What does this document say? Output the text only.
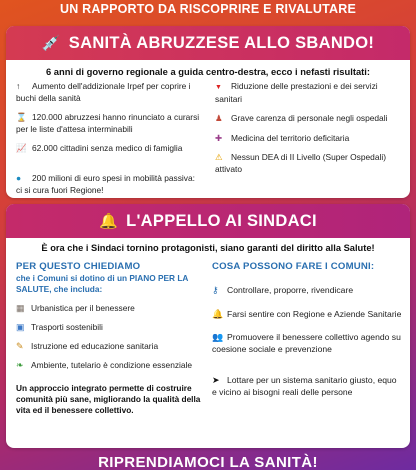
UN RAPPORTO DA RISCOPRIRE E RIVALUTARE
💉 SANITÀ ABRUZZESE ALLO SBANDO!
6 anni di governo regionale a guida centro-destra, ecco i nefasti risultati:
↑ Aumento dell'addizionale Irpef per coprire i buchi della sanità
⌛ 120.000 abruzzesi hanno rinunciato a curarsi per le liste d'attesa interminabili
📈 62.000 cittadini senza medico di famiglia
● 200 milioni di euro spesi in mobilità passiva: ci si cura fuori Regione!
▼ Riduzione delle prestazioni e dei servizi sanitari
♟ Grave carenza di personale negli ospedali
✚ Medicina del territorio deficitaria
⚠ Nessun DEA di II Livello (Super Ospedali) attivato
🔔 L'APPELLO AI SINDACI
È ora che i Sindaci tornino protagonisti, siano garanti del diritto alla Salute!
PER QUESTO CHIEDIAMO
che i Comuni si dotino di un PIANO PER LA SALUTE, che includa:
▦ Urbanistica per il benessere
▣ Trasporti sostenibili
✎ Istruzione ed educazione sanitaria
❧ Ambiente, tutelario è condizione essenziale
Un approccio integrato permette di costruire comunità più sane, migliorando la qualità della vita ed il benessere collettivo.
COSA POSSONO FARE I COMUNI:
⚷ Controllare, proporre, rivendicare
🔔 Farsi sentire con Regione e Aziende Sanitarie
👥 Promuovere il benessere collettivo agendo su coesione sociale e prevenzione
➤ Lottare per un sistema sanitario giusto, equo e vicino ai bisogni reali delle persone
RIPRENDIAMOCI LA SANITÀ!
